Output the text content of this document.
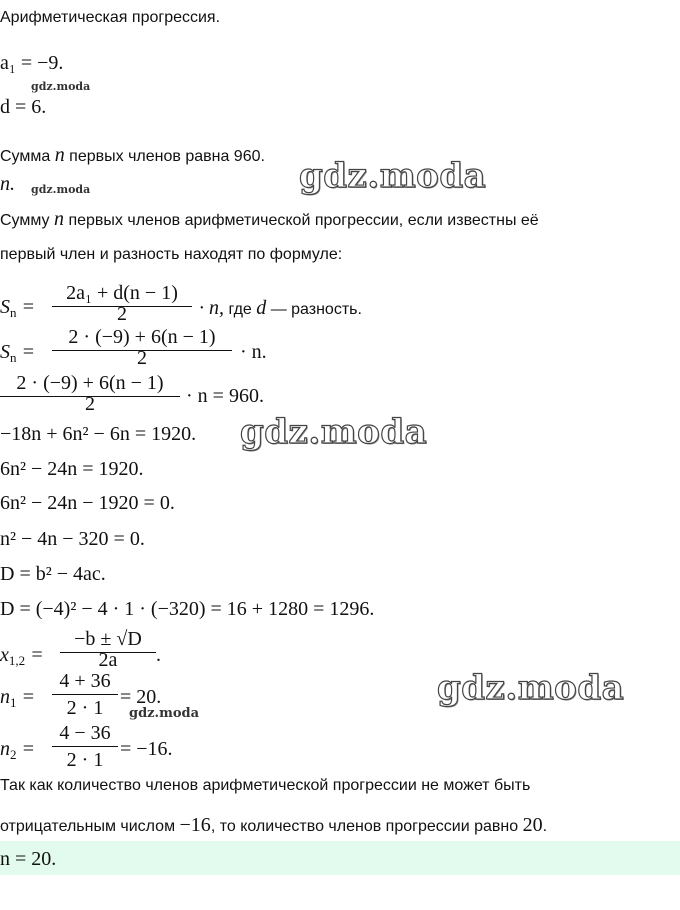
Арифметическая прогрессия.
a₁ = −9.
gdz.moda
d = 6.
Сумма n первых членов равна 960.
n. gdz.moda	gdz.moda
Сумму n первых членов арифметической прогрессии, если известны её
первый член и разность находят по формуле:
$S_n$ =
2a₁ + d(n − 1)
2	· n, где d — разность.
$S_n$ =
2 · (−9) + 6(n − 1)
2	· n.
2 · (−9) + 6(n − 1)
2	· n = 960.
−18n + 6n² − 6n = 1920. gdz.moda
6n² − 24n = 1920.
6n² − 24n − 1920 = 0.
n² − 4n − 320 = 0.
D = b² − 4ac.
D = (−4)² − 4 · 1 · (−320) = 16 + 1280 = 1296.
$x_{1,2}$ =
−b ± √D
2a	.
$n_1$ =
4 + 36
2 · 1 = 20.
gdz.moda
gdz.moda
$n_2$ =
4 − 36
2 · 1 = −16.
Так как количество членов арифметической прогрессии не может быть
отрицательным числом −16, то количество членов прогрессии равно 20.
n = 20.
